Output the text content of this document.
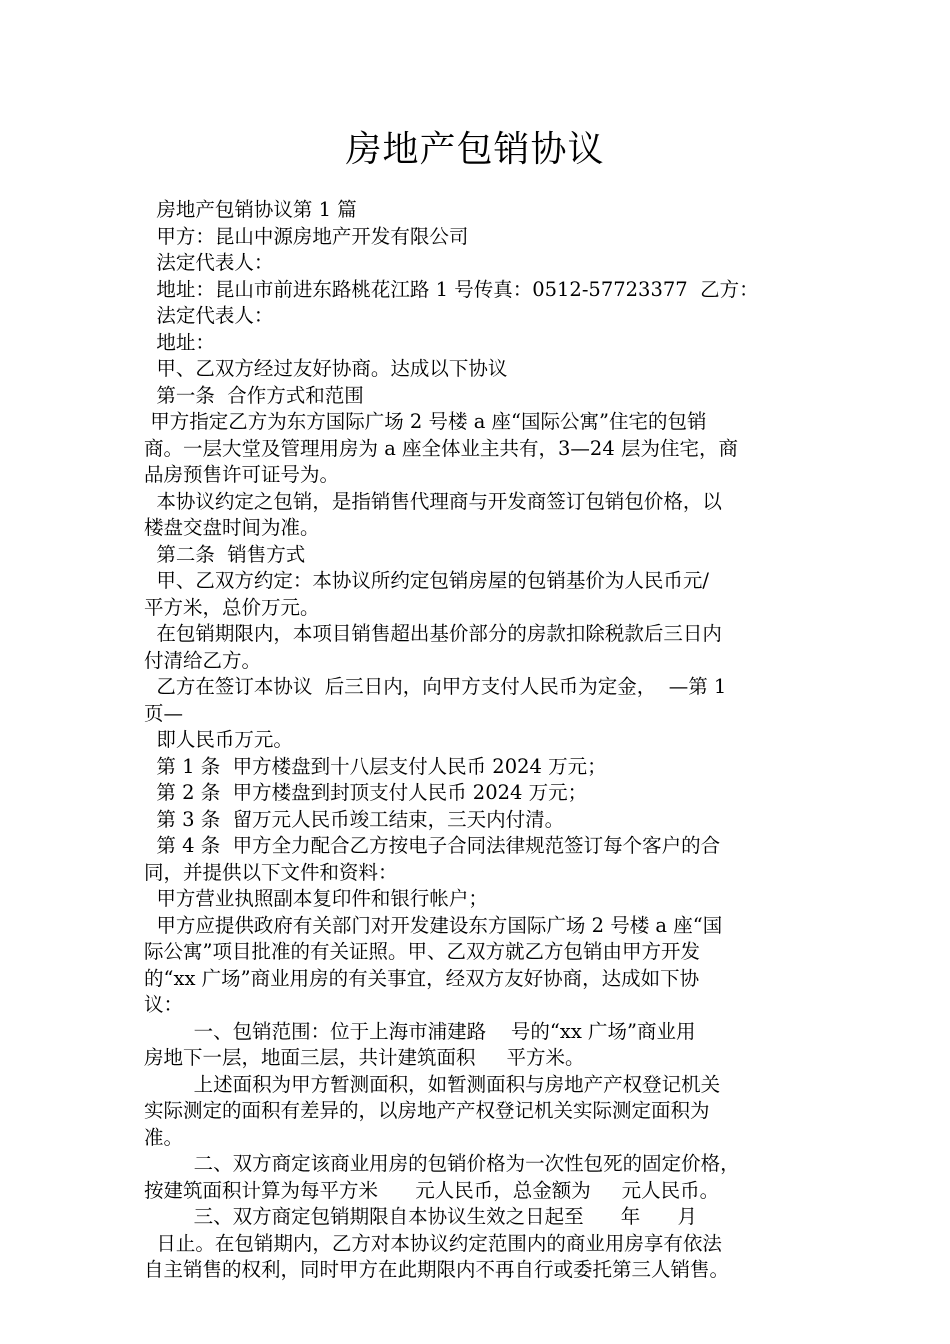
房地产包销协议
房地产包销协议第 1 篇
甲方：昆山中源房地产开发有限公司
法定代表人：
地址：昆山市前进东路桃花江路 1 号传真：0512-57723377  乙方：
法定代表人：
地址：
甲、乙双方经过友好协商。达成以下协议
第一条  合作方式和范围
甲方指定乙方为东方国际广场 2 号楼 a 座“国际公寓”住宅的包销
商。一层大堂及管理用房为 a 座全体业主共有，3—24 层为住宅，商
品房预售许可证号为。
本协议约定之包销，是指销售代理商与开发商签订包销包价格，以
楼盘交盘时间为准。
第二条  销售方式
甲、乙双方约定：本协议所约定包销房屋的包销基价为人民币元/
平方米，总价万元。
在包销期限内，本项目销售超出基价部分的房款扣除税款后三日内
付清给乙方。
乙方在签订本协议  后三日内，向甲方支付人民币为定金，  —第 1
页—
即人民币万元。
第 1 条  甲方楼盘到十八层支付人民币 2024 万元；
第 2 条  甲方楼盘到封顶支付人民币 2024 万元；
第 3 条  留万元人民币竣工结束，三天内付清。
第 4 条  甲方全力配合乙方按电子合同法律规范签订每个客户的合
同，并提供以下文件和资料：
甲方营业执照副本复印件和银行帐户；
甲方应提供政府有关部门对开发建设东方国际广场 2 号楼 a 座“国
际公寓”项目批准的有关证照。甲、乙双方就乙方包销由甲方开发
的“xx 广场”商业用房的有关事宜，经双方友好协商，达成如下协
议：
一、包销范围：位于上海市浦建路    号的“xx 广场”商业用
房地下一层，地面三层，共计建筑面积     平方米。
上述面积为甲方暂测面积，如暂测面积与房地产产权登记机关
实际测定的面积有差异的，以房地产产权登记机关实际测定面积为
准。
二、双方商定该商业用房的包销价格为一次性包死的固定价格，
按建筑面积计算为每平方米      元人民币，总金额为     元人民币。
三、双方商定包销期限自本协议生效之日起至      年      月
日止。在包销期内，乙方对本协议约定范围内的商业用房享有依法
自主销售的权利，同时甲方在此期限内不再自行或委托第三人销售。
